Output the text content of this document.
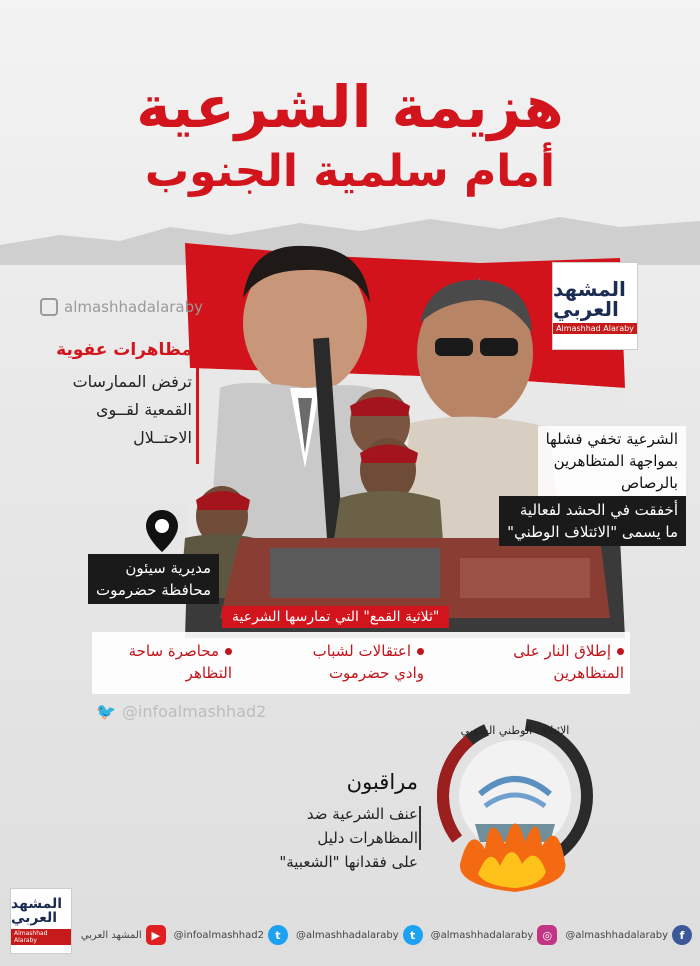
هزيمة الشرعية
أمام سلمية الجنوب
almashhadalaraby
المشهد العربي
Almashhad Alaraby
مظاهرات عفوية
ترفض الممارسات
القمعية لقــوى
الاحتــلال	الشرعية تخفي فشلها
بمواجهة المتظاهرين
بالرصاص
أخفقت في الحشد لفعالية
ما يسمى "الائتلاف الوطني"
مديرية سيئون
محافظة حضرموت
"ثلاثية القمع" التي تمارسها الشرعية
إطلاق النار على
المتظاهرين
اعتقالات لشباب
وادي حضرموت
محاصرة ساحة
التظاهر
🐦 @infoalmashhad2
مراقبون
عنف الشرعية ضد المظاهرات دليل
على فقدانها "الشعبية"
الائتلاف الوطني الجنوبي
المشهد العربي
Almashhad Alaraby	المشهد العربي ▶	@infoalmashhad2	t	@almashhadalaraby	t	@almashhadalaraby ◎	@almashhadalaraby	f
